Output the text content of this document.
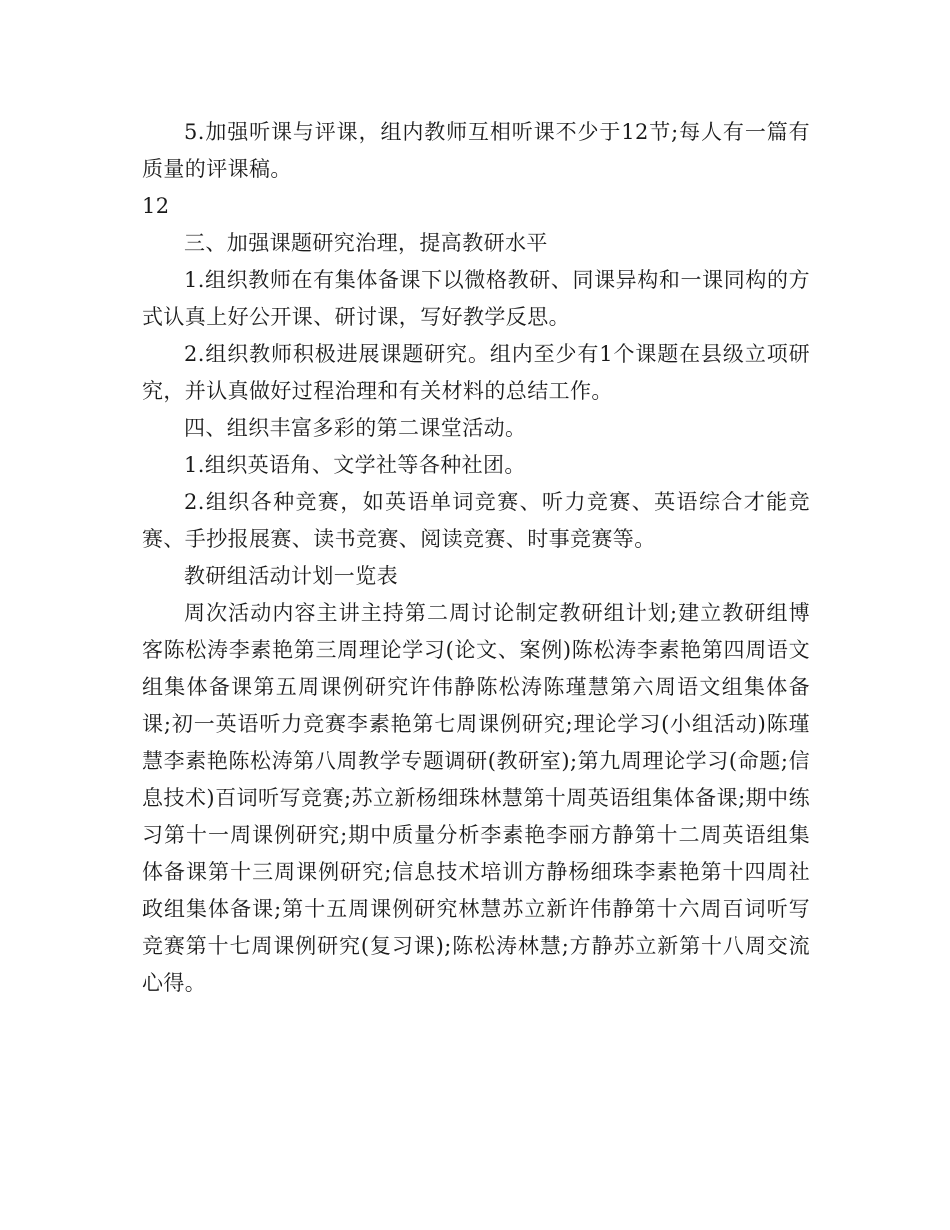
5.加强听课与评课，组内教师互相听课不少于12节;每人有一篇有质量的评课稿。

12

三、加强课题研究治理，提高教研水平

1.组织教师在有集体备课下以微格教研、同课异构和一课同构的方式认真上好公开课、研讨课，写好教学反思。

2.组织教师积极进展课题研究。组内至少有1个课题在县级立项研究，并认真做好过程治理和有关材料的总结工作。

四、组织丰富多彩的第二课堂活动。

1.组织英语角、文学社等各种社团。

2.组织各种竞赛，如英语单词竞赛、听力竞赛、英语综合才能竞赛、手抄报展赛、读书竞赛、阅读竞赛、时事竞赛等。

教研组活动计划一览表

周次活动内容主讲主持第二周讨论制定教研组计划;建立教研组博客陈松涛李素艳第三周理论学习(论文、案例)陈松涛李素艳第四周语文组集体备课第五周课例研究许伟静陈松涛陈瑾慧第六周语文组集体备课;初一英语听力竞赛李素艳第七周课例研究;理论学习(小组活动)陈瑾慧李素艳陈松涛第八周教学专题调研(教研室);第九周理论学习(命题;信息技术)百词听写竞赛;苏立新杨细珠林慧第十周英语组集体备课;期中练习第十一周课例研究;期中质量分析李素艳李丽方静第十二周英语组集体备课第十三周课例研究;信息技术培训方静杨细珠李素艳第十四周社政组集体备课;第十五周课例研究林慧苏立新许伟静第十六周百词听写竞赛第十七周课例研究(复习课);陈松涛林慧;方静苏立新第十八周交流心得。
